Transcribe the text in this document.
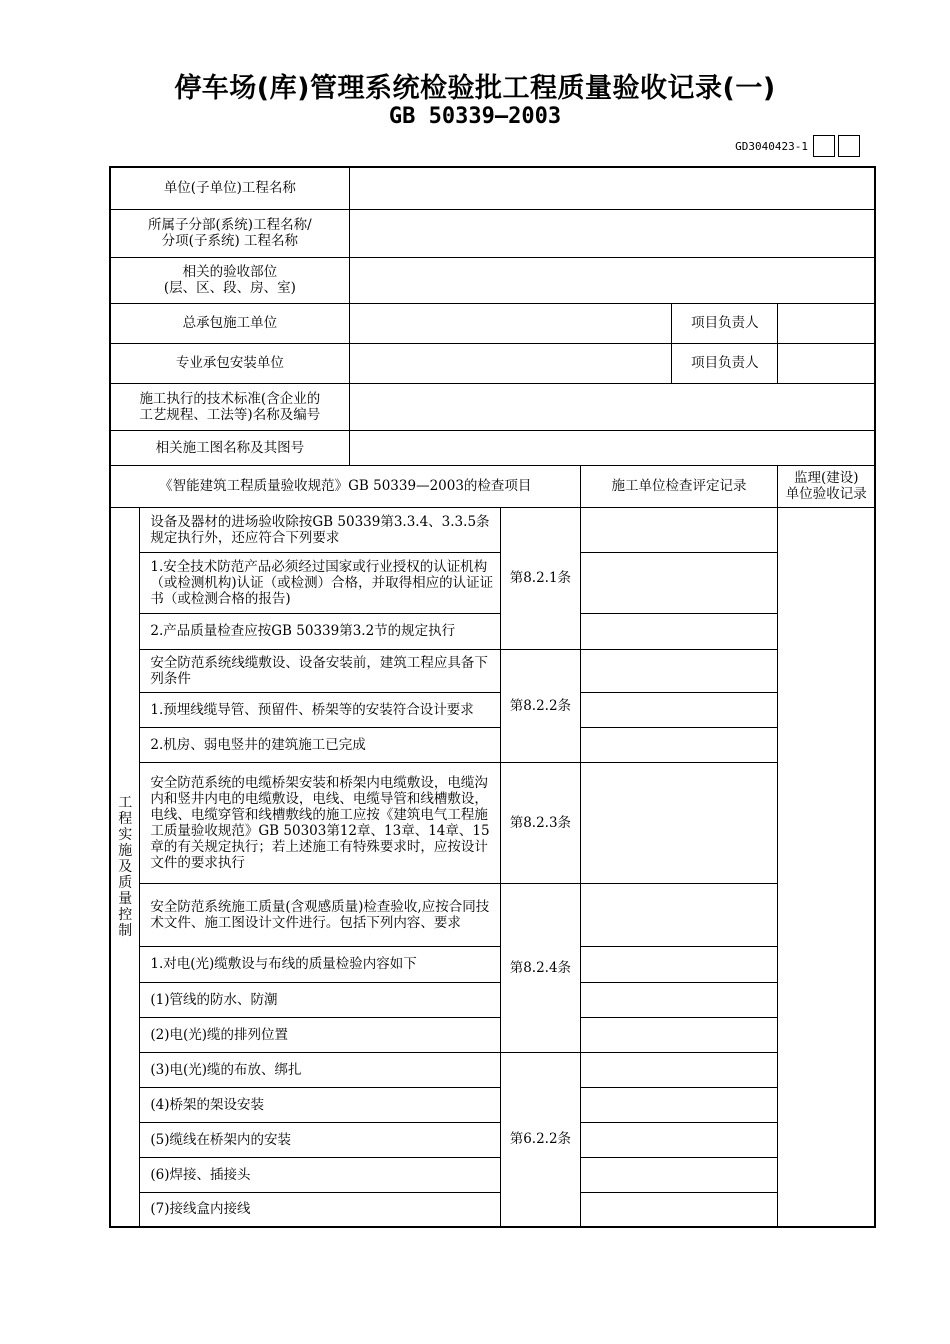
停车场(库)管理系统检验批工程质量验收记录(一)
GB 50339—2003
GD3040423-1
单位(子单位)工程名称						

所属子分部(系统)工程名称/
分项(子系统) 工程名称						

相关的验收部位
(层、区、段、房、室)						

总承包施工单位					项目负责人	
专业承包安装单位					项目负责人	

施工执行的技术标准(含企业的
工艺规程、工法等)名称及编号						

相关施工图名称及其图号						
《智能建筑工程质量验收规范》GB 50339—2003的检查项目				施工单位检查评定记录		监理(建设)
单位验收记录

工程实施及质量控制	设备及器材的进场验收除按GB 50339第3.3.4、3.3.5条规定执行外，还应符合下列要求		第8.2.1条			
	1.安全技术防范产品必须经过国家或行业授权的认证机构（或检测机构)认证（或检测）合格，并取得相应的认证证书（或检测合格的报告)					
	2.产品质量检查应按GB 50339第3.2节的规定执行					
	安全防范系统线缆敷设、设备安装前，建筑工程应具备下列条件		第8.2.2条			
	1.预埋线缆导管、预留件、桥架等的安装符合设计要求					
	2.机房、弱电竖井的建筑施工已完成					
	安全防范系统的电缆桥架安装和桥架内电缆敷设，电缆沟内和竖井内电的电缆敷设，电线、电缆导管和线槽敷设，电线、电缆穿管和线槽敷线的施工应按《建筑电气工程施工质量验收规范》GB 50303第12章、13章、14章、15章的有关规定执行；若上述施工有特殊要求时，应按设计文件的要求执行		第8.2.3条			
	安全防范系统施工质量(含观感质量)检查验收,应按合同技术文件、施工图设计文件进行。包括下列内容、要求		第8.2.4条			
	1.对电(光)缆敷设与布线的质量检验内容如下					
	(1)管线的防水、防潮					
	(2)电(光)缆的排列位置					
	(3)电(光)缆的布放、绑扎		第6.2.2条			
	(4)桥架的架设安装					
	(5)缆线在桥架内的安装					
	(6)焊接、插接头					
	(7)接线盒内接线					
